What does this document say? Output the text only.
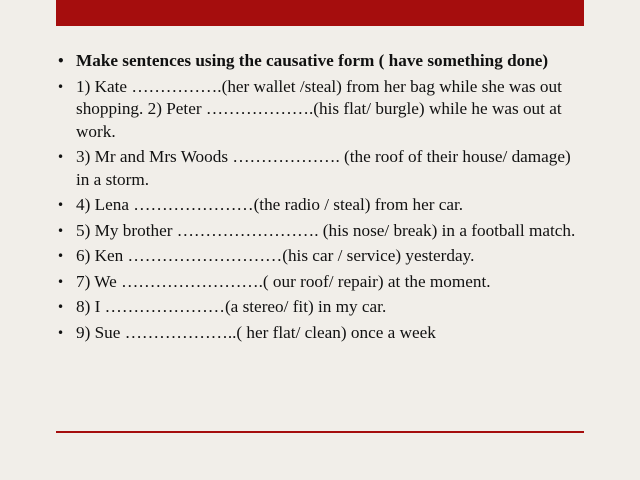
• Make sentences using the causative form ( have something done)
• 1) Kate …………….(her wallet /steal) from her bag while she was out shopping. 2) Peter ……………….(his flat/ burgle) while he was out at work.
• 3) Mr and Mrs Woods ………………. (the roof of their house/ damage) in a storm.
• 4) Lena …………………(the radio / steal) from her car.
• 5) My brother ……………………. (his nose/ break) in a football match.
• 6) Ken ………………………(his car / service) yesterday.
• 7) We …………………….( our roof/ repair) at the moment.
• 8) I …………………(a stereo/ fit) in my car.
• 9) Sue ………………..( her flat/ clean) once a week
